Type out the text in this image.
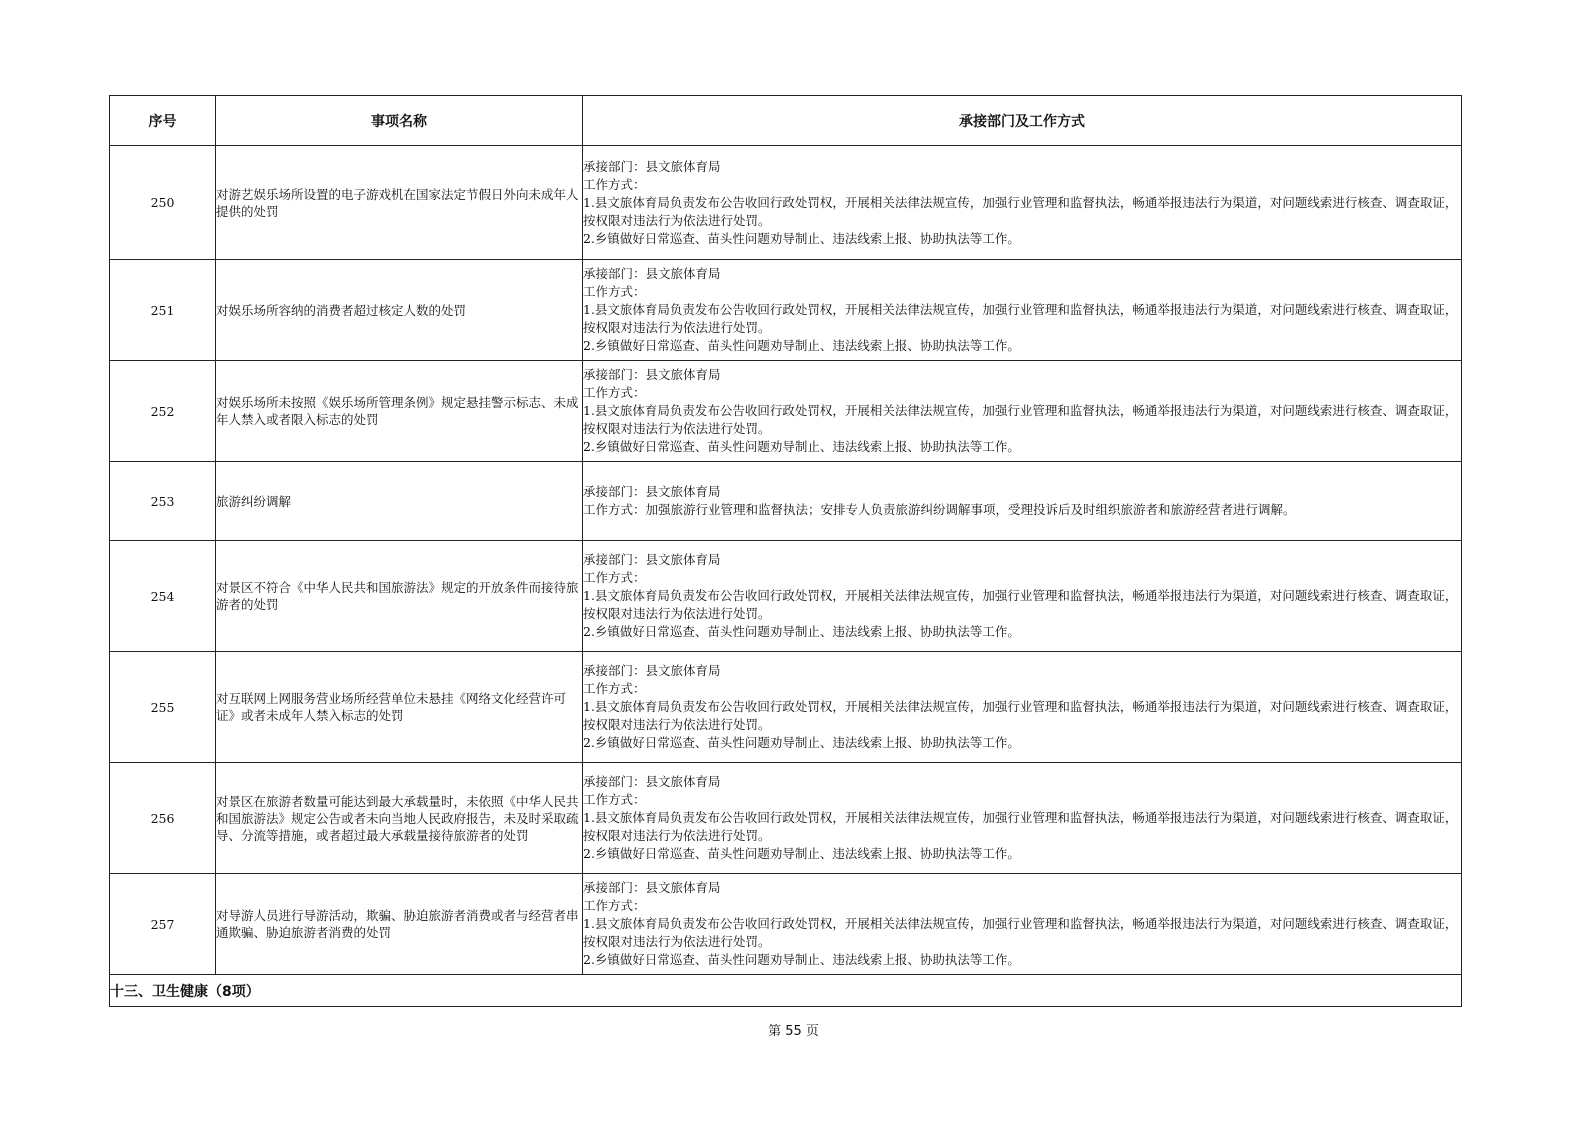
序号	事项名称	承接部门及工作方式
250	对游艺娱乐场所设置的电子游戏机在国家法定节假日外向未成年人提供的处罚	承接部门：县文旅体育局
工作方式：
1.县文旅体育局负责发布公告收回行政处罚权，开展相关法律法规宣传，加强行业管理和监督执法，畅通举报违法行为渠道，对问题线索进行核查、调查取证，按权限对违法行为依法进行处罚。
2.乡镇做好日常巡查、苗头性问题劝导制止、违法线索上报、协助执法等工作。

251	对娱乐场所容纳的消费者超过核定人数的处罚	承接部门：县文旅体育局
工作方式：
1.县文旅体育局负责发布公告收回行政处罚权，开展相关法律法规宣传，加强行业管理和监督执法，畅通举报违法行为渠道，对问题线索进行核查、调查取证，按权限对违法行为依法进行处罚。
2.乡镇做好日常巡查、苗头性问题劝导制止、违法线索上报、协助执法等工作。

252	对娱乐场所未按照《娱乐场所管理条例》规定悬挂警示标志、未成年人禁入或者限入标志的处罚	承接部门：县文旅体育局
工作方式：
1.县文旅体育局负责发布公告收回行政处罚权，开展相关法律法规宣传，加强行业管理和监督执法，畅通举报违法行为渠道，对问题线索进行核查、调查取证，按权限对违法行为依法进行处罚。
2.乡镇做好日常巡查、苗头性问题劝导制止、违法线索上报、协助执法等工作。

253	旅游纠纷调解	承接部门：县文旅体育局
工作方式：加强旅游行业管理和监督执法；安排专人负责旅游纠纷调解事项，受理投诉后及时组织旅游者和旅游经营者进行调解。

254	对景区不符合《中华人民共和国旅游法》规定的开放条件而接待旅游者的处罚	承接部门：县文旅体育局
工作方式：
1.县文旅体育局负责发布公告收回行政处罚权，开展相关法律法规宣传，加强行业管理和监督执法，畅通举报违法行为渠道，对问题线索进行核查、调查取证，按权限对违法行为依法进行处罚。
2.乡镇做好日常巡查、苗头性问题劝导制止、违法线索上报、协助执法等工作。

255	对互联网上网服务营业场所经营单位未悬挂《网络文化经营许可证》或者未成年人禁入标志的处罚	承接部门：县文旅体育局
工作方式：
1.县文旅体育局负责发布公告收回行政处罚权，开展相关法律法规宣传，加强行业管理和监督执法，畅通举报违法行为渠道，对问题线索进行核查、调查取证，按权限对违法行为依法进行处罚。
2.乡镇做好日常巡查、苗头性问题劝导制止、违法线索上报、协助执法等工作。

256	对景区在旅游者数量可能达到最大承载量时，未依照《中华人民共和国旅游法》规定公告或者未向当地人民政府报告，未及时采取疏导、分流等措施，或者超过最大承载量接待旅游者的处罚	承接部门：县文旅体育局
工作方式：
1.县文旅体育局负责发布公告收回行政处罚权，开展相关法律法规宣传，加强行业管理和监督执法，畅通举报违法行为渠道，对问题线索进行核查、调查取证，按权限对违法行为依法进行处罚。
2.乡镇做好日常巡查、苗头性问题劝导制止、违法线索上报、协助执法等工作。

257	对导游人员进行导游活动，欺骗、胁迫旅游者消费或者与经营者串通欺骗、胁迫旅游者消费的处罚	承接部门：县文旅体育局
工作方式：
1.县文旅体育局负责发布公告收回行政处罚权，开展相关法律法规宣传，加强行业管理和监督执法，畅通举报违法行为渠道，对问题线索进行核查、调查取证，按权限对违法行为依法进行处罚。
2.乡镇做好日常巡查、苗头性问题劝导制止、违法线索上报、协助执法等工作。

十三、卫生健康（8项）		
第 55 页
